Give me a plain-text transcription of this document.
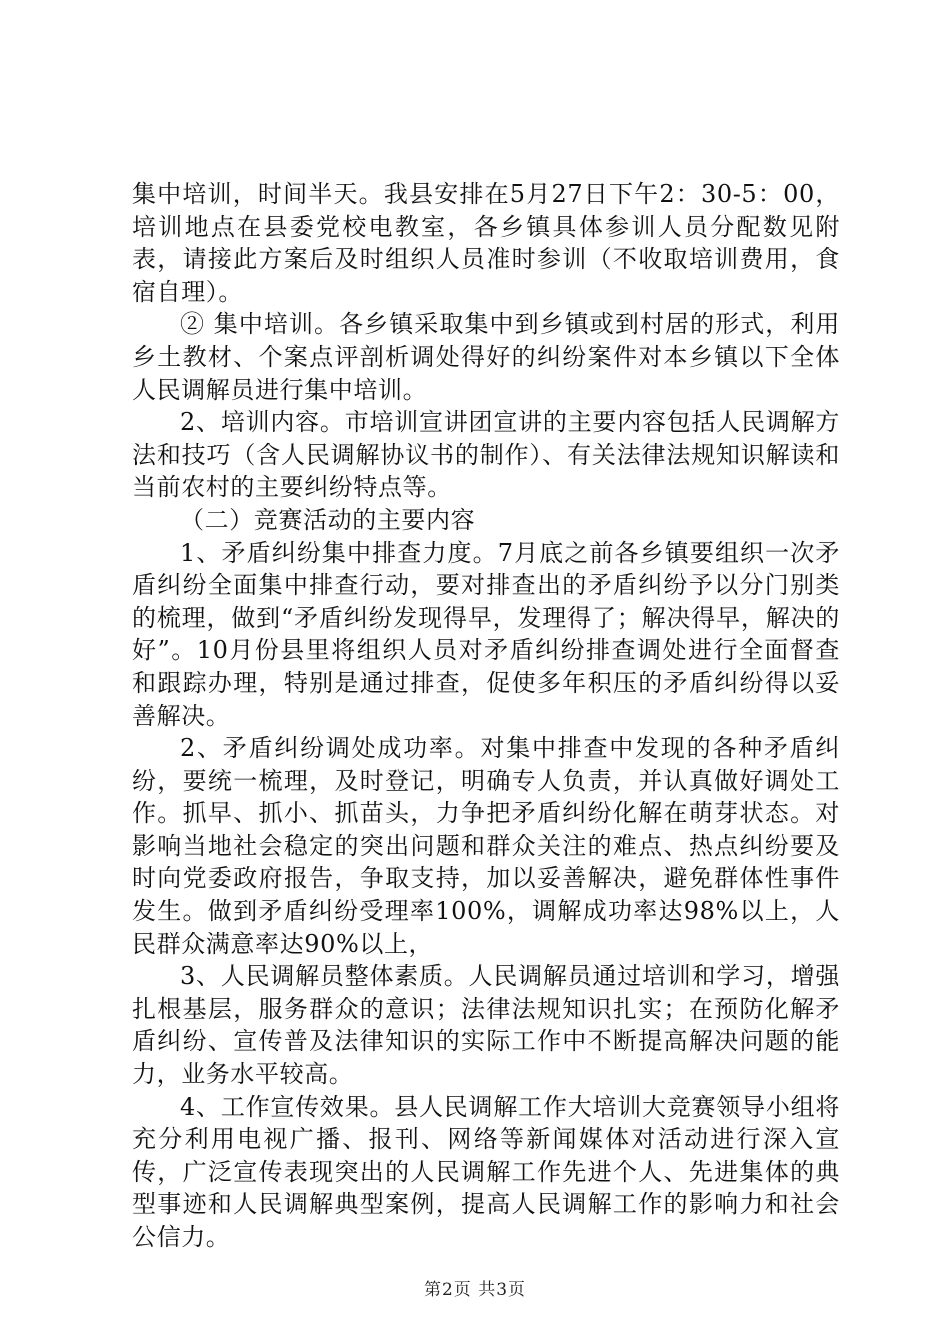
集中培训，时间半天。我县安排在5月27日下午2：30-5：00，培训地点在县委党校电教室，各乡镇具体参训人员分配数见附表，请接此方案后及时组织人员准时参训（不收取培训费用，食宿自理）。

② 集中培训。各乡镇采取集中到乡镇或到村居的形式，利用乡土教材、个案点评剖析调处得好的纠纷案件对本乡镇以下全体人民调解员进行集中培训。

2、培训内容。市培训宣讲团宣讲的主要内容包括人民调解方法和技巧（含人民调解协议书的制作）、有关法律法规知识解读和当前农村的主要纠纷特点等。

（二）竞赛活动的主要内容

1、矛盾纠纷集中排查力度。7月底之前各乡镇要组织一次矛盾纠纷全面集中排查行动，要对排查出的矛盾纠纷予以分门别类的梳理，做到“矛盾纠纷发现得早，发理得了；解决得早，解决的好”。10月份县里将组织人员对矛盾纠纷排查调处进行全面督查和跟踪办理，特别是通过排查，促使多年积压的矛盾纠纷得以妥善解决。

2、矛盾纠纷调处成功率。对集中排查中发现的各种矛盾纠纷，要统一梳理，及时登记，明确专人负责，并认真做好调处工作。抓早、抓小、抓苗头，力争把矛盾纠纷化解在萌芽状态。对影响当地社会稳定的突出问题和群众关注的难点、热点纠纷要及时向党委政府报告，争取支持，加以妥善解决，避免群体性事件发生。做到矛盾纠纷受理率100%，调解成功率达98%以上，人民群众满意率达90%以上，

3、人民调解员整体素质。人民调解员通过培训和学习，增强扎根基层，服务群众的意识；法律法规知识扎实；在预防化解矛盾纠纷、宣传普及法律知识的实际工作中不断提高解决问题的能力，业务水平较高。

4、工作宣传效果。县人民调解工作大培训大竞赛领导小组将充分利用电视广播、报刊、网络等新闻媒体对活动进行深入宣传，广泛宣传表现突出的人民调解工作先进个人、先进集体的典型事迹和人民调解典型案例，提高人民调解工作的影响力和社会公信力。

第2页 共3页
